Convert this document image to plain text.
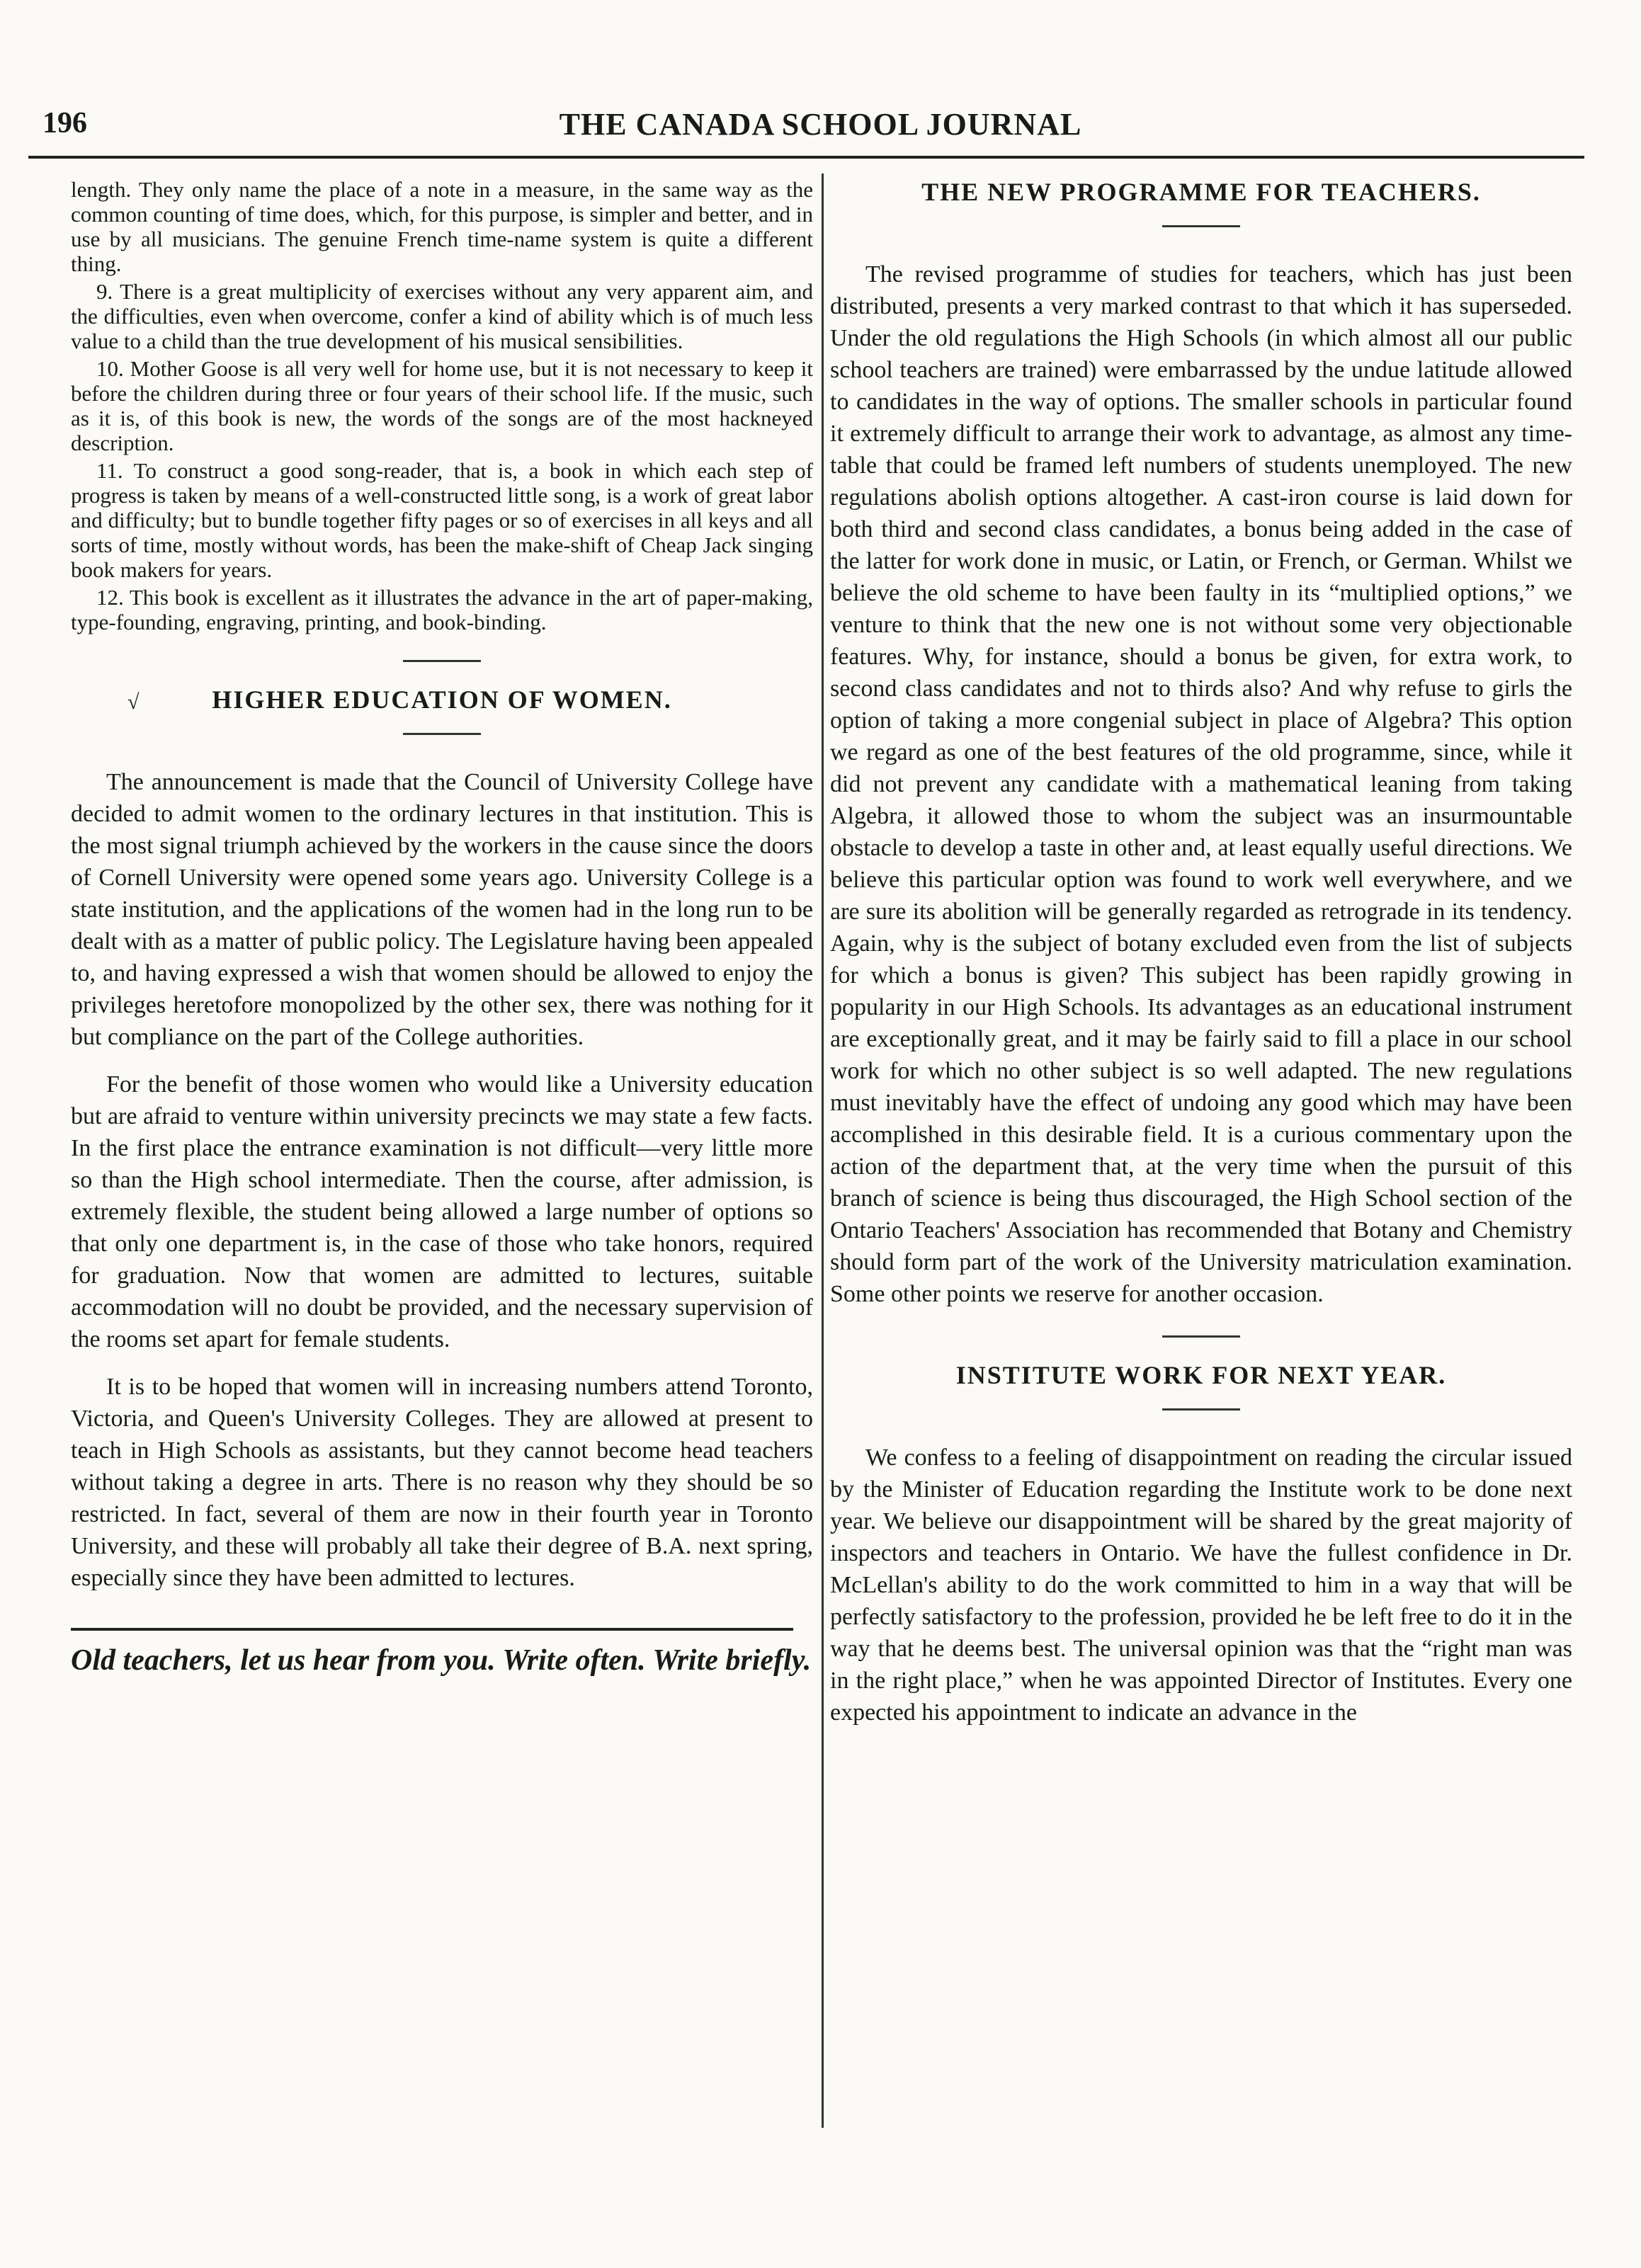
196	THE CANADA SCHOOL JOURNAL

length. They only name the place of a note in a measure, in the same way as the common counting of time does, which, for this purpose, is simpler and better, and in use by all musicians. The genuine French time-name system is quite a different thing.

9. There is a great multiplicity of exercises without any very apparent aim, and the difficulties, even when overcome, confer a kind of ability which is of much less value to a child than the true development of his musical sensibilities.

10. Mother Goose is all very well for home use, but it is not necessary to keep it before the children during three or four years of their school life. If the music, such as it is, of this book is new, the words of the songs are of the most hackneyed description.

11. To construct a good song-reader, that is, a book in which each step of progress is taken by means of a well-constructed little song, is a work of great labor and difficulty; but to bundle together fifty pages or so of exercises in all keys and all sorts of time, mostly without words, has been the make-shift of Cheap Jack singing book makers for years.

12. This book is excellent as it illustrates the advance in the art of paper-making, type-founding, engraving, printing, and book-binding.

√	HIGHER EDUCATION OF WOMEN.

The announcement is made that the Council of University College have decided to admit women to the ordinary lectures in that institution. This is the most signal triumph achieved by the workers in the cause since the doors of Cornell University were opened some years ago. University College is a state institution, and the applications of the women had in the long run to be dealt with as a matter of public policy. The Legislature having been appealed to, and having expressed a wish that women should be allowed to enjoy the privileges heretofore monopolized by the other sex, there was nothing for it but compliance on the part of the College authorities.

For the benefit of those women who would like a University education but are afraid to venture within university precincts we may state a few facts. In the first place the entrance examination is not difficult—very little more so than the High school intermediate. Then the course, after admission, is extremely flexible, the student being allowed a large number of options so that only one department is, in the case of those who take honors, required for graduation. Now that women are admitted to lectures, suitable accommodation will no doubt be provided, and the necessary supervision of the rooms set apart for female students.

It is to be hoped that women will in increasing numbers attend Toronto, Victoria, and Queen's University Colleges. They are allowed at present to teach in High Schools as assistants, but they cannot become head teachers without taking a degree in arts. There is no reason why they should be so restricted. In fact, several of them are now in their fourth year in Toronto University, and these will probably all take their degree of B.A. next spring, especially since they have been admitted to lectures.

Old teachers, let us hear from you. Write often. Write briefly.

THE NEW PROGRAMME FOR TEACHERS.

The revised programme of studies for teachers, which has just been distributed, presents a very marked contrast to that which it has superseded. Under the old regulations the High Schools (in which almost all our public school teachers are trained) were embarrassed by the undue latitude allowed to candidates in the way of options. The smaller schools in particular found it extremely difficult to arrange their work to advantage, as almost any time-table that could be framed left numbers of students unemployed. The new regulations abolish options altogether. A cast-iron course is laid down for both third and second class candidates, a bonus being added in the case of the latter for work done in music, or Latin, or French, or German. Whilst we believe the old scheme to have been faulty in its “multiplied options,” we venture to think that the new one is not without some very objectionable features. Why, for instance, should a bonus be given, for extra work, to second class candidates and not to thirds also? And why refuse to girls the option of taking a more congenial subject in place of Algebra? This option we regard as one of the best features of the old programme, since, while it did not prevent any candidate with a mathematical leaning from taking Algebra, it allowed those to whom the subject was an insurmountable obstacle to develop a taste in other and, at least equally useful directions. We believe this particular option was found to work well everywhere, and we are sure its abolition will be generally regarded as retrograde in its tendency. Again, why is the subject of botany excluded even from the list of subjects for which a bonus is given? This subject has been rapidly growing in popularity in our High Schools. Its advantages as an educational instrument are exceptionally great, and it may be fairly said to fill a place in our school work for which no other subject is so well adapted. The new regulations must inevitably have the effect of undoing any good which may have been accomplished in this desirable field. It is a curious commentary upon the action of the department that, at the very time when the pursuit of this branch of science is being thus discouraged, the High School section of the Ontario Teachers' Association has recommended that Botany and Chemistry should form part of the work of the University matriculation examination. Some other points we reserve for another occasion.

INSTITUTE WORK FOR NEXT YEAR.

We confess to a feeling of disappointment on reading the circular issued by the Minister of Education regarding the Institute work to be done next year. We believe our disappointment will be shared by the great majority of inspectors and teachers in Ontario. We have the fullest confidence in Dr. McLellan's ability to do the work committed to him in a way that will be perfectly satisfactory to the profession, provided he be left free to do it in the way that he deems best. The universal opinion was that the “right man was in the right place,” when he was appointed Director of Institutes. Every one expected his appointment to indicate an advance in the
